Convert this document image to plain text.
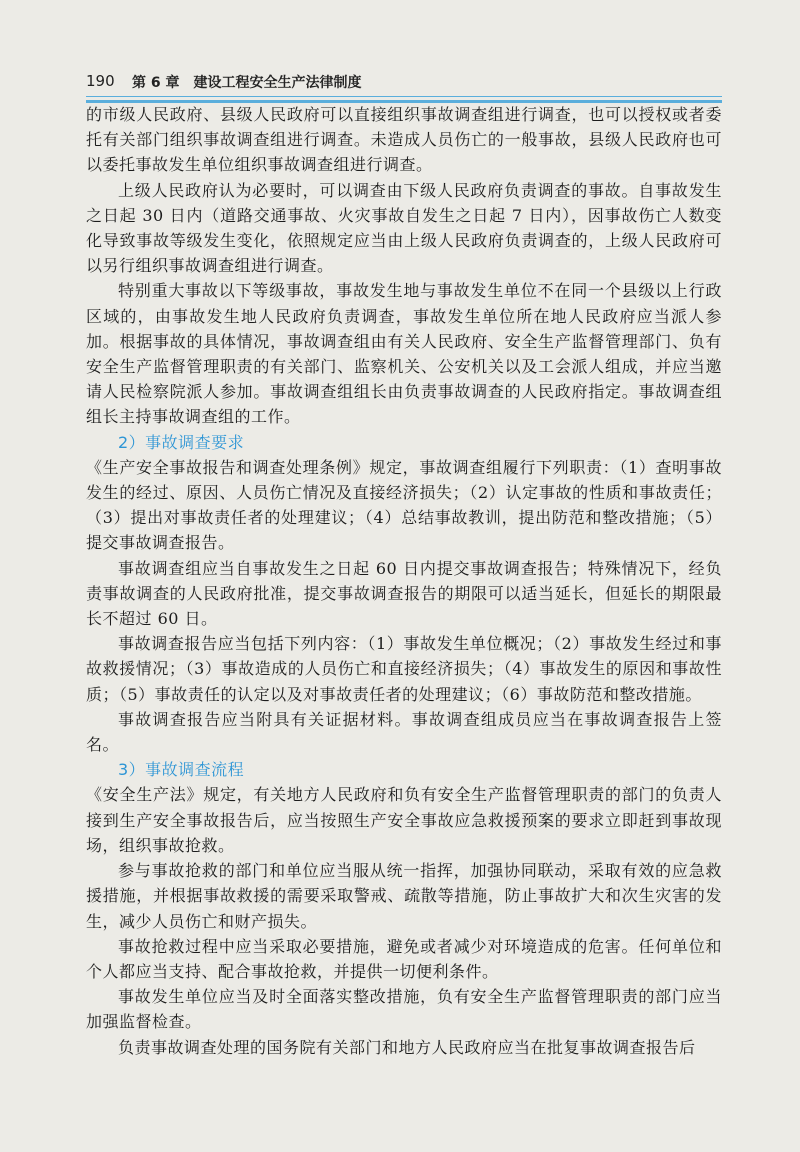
190 第 6 章　建设工程安全生产法律制度

的市级人民政府、县级人民政府可以直接组织事故调查组进行调查，也可以授权或者委托有关部门组织事故调查组进行调查。未造成人员伤亡的一般事故，县级人民政府也可以委托事故发生单位组织事故调查组进行调查。

上级人民政府认为必要时，可以调查由下级人民政府负责调查的事故。自事故发生之日起 30 日内（道路交通事故、火灾事故自发生之日起 7 日内），因事故伤亡人数变化导致事故等级发生变化，依照规定应当由上级人民政府负责调查的，上级人民政府可以另行组织事故调查组进行调查。

特别重大事故以下等级事故，事故发生地与事故发生单位不在同一个县级以上行政区域的，由事故发生地人民政府负责调查，事故发生单位所在地人民政府应当派人参加。根据事故的具体情况，事故调查组由有关人民政府、安全生产监督管理部门、负有安全生产监督管理职责的有关部门、监察机关、公安机关以及工会派人组成，并应当邀请人民检察院派人参加。事故调查组组长由负责事故调查的人民政府指定。事故调查组组长主持事故调查组的工作。

2）事故调查要求

《生产安全事故报告和调查处理条例》规定，事故调查组履行下列职责：（1）查明事故发生的经过、原因、人员伤亡情况及直接经济损失；（2）认定事故的性质和事故责任；（3）提出对事故责任者的处理建议；（4）总结事故教训，提出防范和整改措施；（5）提交事故调查报告。

事故调查组应当自事故发生之日起 60 日内提交事故调查报告；特殊情况下，经负责事故调查的人民政府批准，提交事故调查报告的期限可以适当延长，但延长的期限最长不超过 60 日。

事故调查报告应当包括下列内容：（1）事故发生单位概况；（2）事故发生经过和事故救援情况；（3）事故造成的人员伤亡和直接经济损失；（4）事故发生的原因和事故性质；（5）事故责任的认定以及对事故责任者的处理建议；（6）事故防范和整改措施。

事故调查报告应当附具有关证据材料。事故调查组成员应当在事故调查报告上签名。

3）事故调查流程

《安全生产法》规定，有关地方人民政府和负有安全生产监督管理职责的部门的负责人接到生产安全事故报告后，应当按照生产安全事故应急救援预案的要求立即赶到事故现场，组织事故抢救。

参与事故抢救的部门和单位应当服从统一指挥，加强协同联动，采取有效的应急救援措施，并根据事故救援的需要采取警戒、疏散等措施，防止事故扩大和次生灾害的发生，减少人员伤亡和财产损失。

事故抢救过程中应当采取必要措施，避免或者减少对环境造成的危害。任何单位和个人都应当支持、配合事故抢救，并提供一切便利条件。

事故发生单位应当及时全面落实整改措施，负有安全生产监督管理职责的部门应当加强监督检查。

负责事故调查处理的国务院有关部门和地方人民政府应当在批复事故调查报告后
